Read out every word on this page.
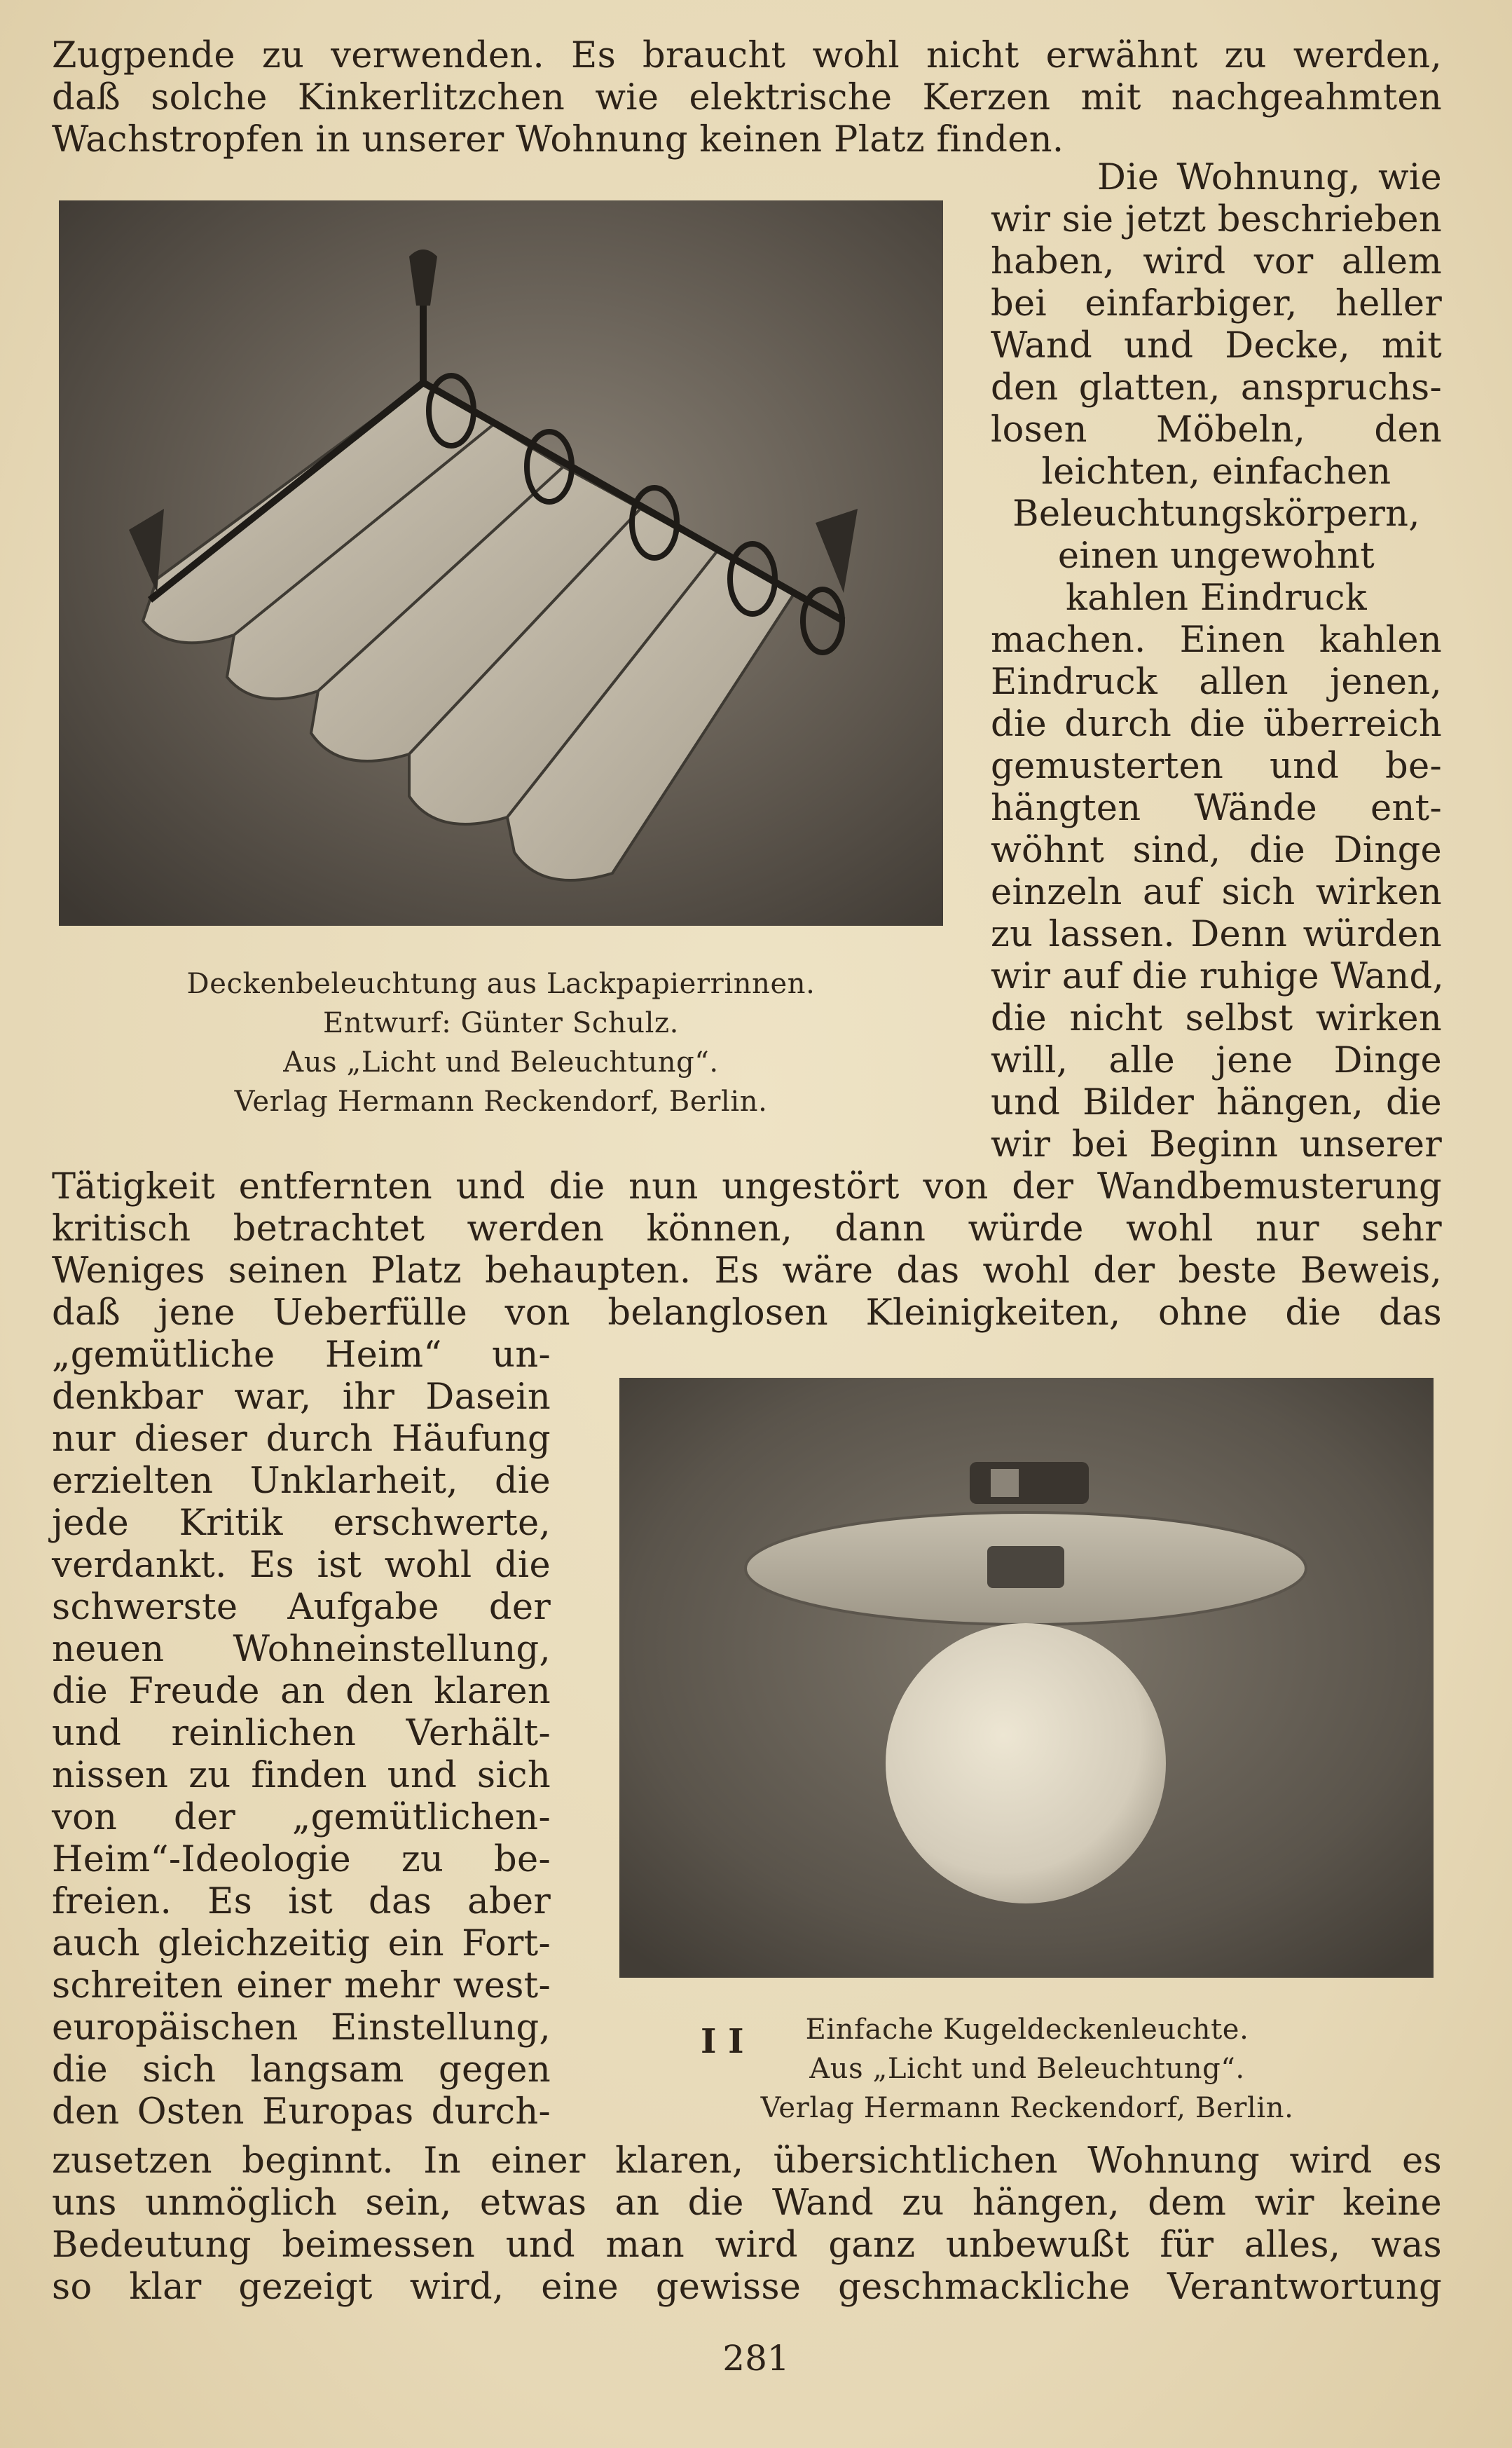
Zugpende zu verwenden. Es braucht wohl nicht erwähnt zu werden,

daß solche Kinkerlitzchen wie elektrische Kerzen mit nachgeahmten

Wachstropfen in unserer Wohnung keinen Platz finden.

Die Wohnung, wie

wir sie jetzt beschrieben

haben, wird vor allem

bei einfarbiger, heller

Wand und Decke, mit

den glatten, anspruchs-

losen Möbeln, den

leichten, einfachen

Beleuchtungskörpern,

einen ungewohnt

kahlen Eindruck

machen. Einen kahlen

Eindruck allen jenen,

die durch die überreich

gemusterten und be-

hängten Wände ent-

wöhnt sind, die Dinge

einzeln auf sich wirken

zu lassen. Denn würden

wir auf die ruhige Wand,

die nicht selbst wirken

will, alle jene Dinge

und Bilder hängen, die

wir bei Beginn unserer

Deckenbeleuchtung aus Lackpapierrinnen.

Entwurf: Günter Schulz.

Aus „Licht und Beleuchtung“.

Verlag Hermann Reckendorf, Berlin.

Tätigkeit entfernten und die nun ungestört von der Wandbemusterung

kritisch betrachtet werden können, dann würde wohl nur sehr

Weniges seinen Platz behaupten. Es wäre das wohl der beste Beweis,

daß jene Ueberfülle von belanglosen Kleinigkeiten, ohne die das

„gemütliche Heim“ un-

denkbar war, ihr Dasein

nur dieser durch Häufung

erzielten Unklarheit, die

jede Kritik erschwerte,

verdankt. Es ist wohl die

schwerste Aufgabe der

neuen Wohneinstellung,

die Freude an den klaren

und reinlichen Verhält-

nissen zu finden und sich

von der „gemütlichen-

Heim“-Ideologie zu be-

freien. Es ist das aber

auch gleichzeitig ein Fort-

schreiten einer mehr west-

europäischen Einstellung,

die sich langsam gegen

den Osten Europas durch-

I I	Einfache Kugeldeckenleuchte.

Aus „Licht und Beleuchtung“.

Verlag Hermann Reckendorf, Berlin.

zusetzen beginnt. In einer klaren, übersichtlichen Wohnung wird es

uns unmöglich sein, etwas an die Wand zu hängen, dem wir keine

Bedeutung beimessen und man wird ganz unbewußt für alles, was

so klar gezeigt wird, eine gewisse geschmackliche Verantwortung

281
